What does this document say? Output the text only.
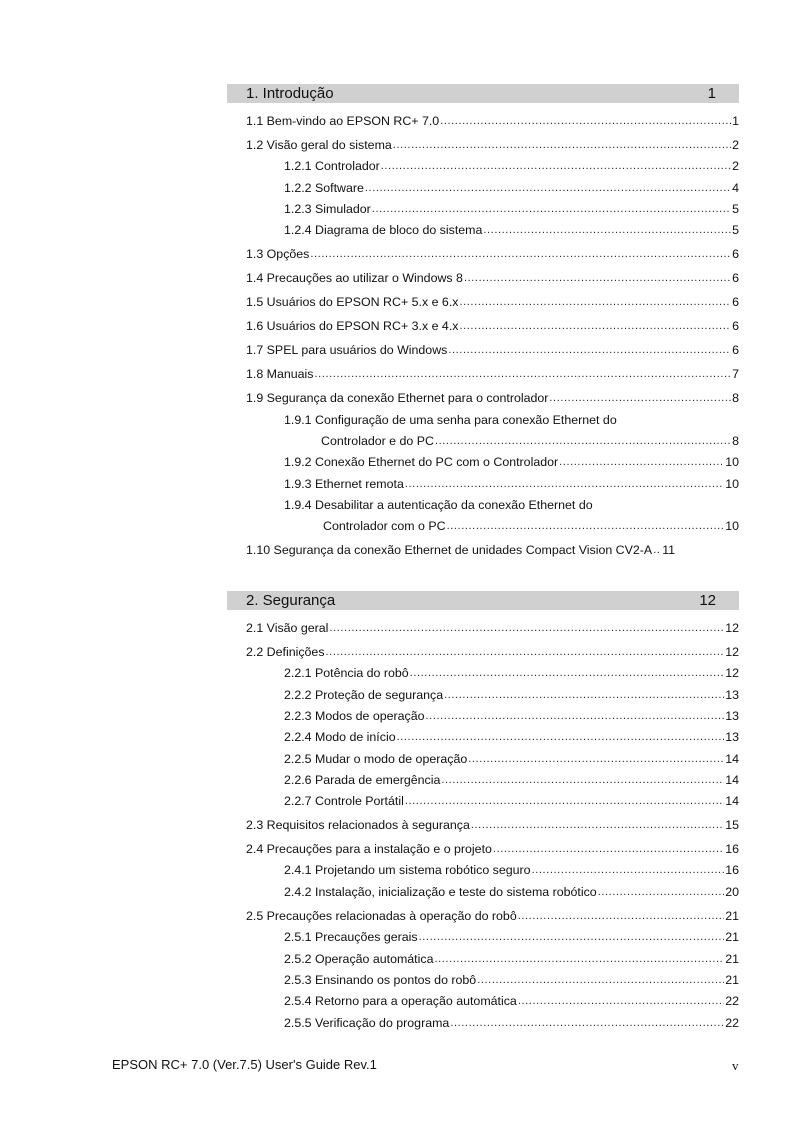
1. Introdução	1
1.1 Bem-vindo ao EPSON RC+ 7.0 .....	1
1.2 Visão geral do sistema .....	2
1.2.1 Controlador .....	2
1.2.2 Software .....	4
1.2.3 Simulador .....	5
1.2.4 Diagrama de bloco do sistema .....	5
1.3 Opções .....	6
1.4 Precauções ao utilizar o Windows 8 .....	6
1.5 Usuários do EPSON RC+ 5.x e 6.x .....	6
1.6 Usuários do EPSON RC+ 3.x e 4.x .....	6
1.7 SPEL para usuários do Windows .....	6
1.8 Manuais .....	7
1.9 Segurança da conexão Ethernet para o controlador .....	8
1.9.1 Configuração de uma senha para conexão Ethernet do
Controlador e do PC .....	8
1.9.2 Conexão Ethernet do PC com o Controlador .....	10
1.9.3 Ethernet remota .....	10
1.9.4 Desabilitar a autenticação da conexão Ethernet do
Controlador com o PC .....	10
1.10 Segurança da conexão Ethernet de unidades Compact Vision CV2-A ..... 11
2. Segurança	12
2.1 Visão geral .....	12
2.2 Definições .....	12
2.2.1 Potência do robô .....	12
2.2.2 Proteção de segurança .....	13
2.2.3 Modos de operação .....	13
2.2.4 Modo de início .....	13
2.2.5 Mudar o modo de operação .....	14
2.2.6 Parada de emergência .....	14
2.2.7 Controle Portátil .....	14
2.3 Requisitos relacionados à segurança .....	15
2.4 Precauções para a instalação e o projeto .....	16
2.4.1 Projetando um sistema robótico seguro .....	16
2.4.2 Instalação, inicialização e teste do sistema robótico .....	20
2.5 Precauções relacionadas à operação do robô .....	21
2.5.1 Precauções gerais .....	21
2.5.2 Operação automática .....	21
2.5.3 Ensinando os pontos do robô .....	21
2.5.4 Retorno para a operação automática .....	22
2.5.5 Verificação do programa .....	22
EPSON RC+ 7.0 (Ver.7.5) User's Guide Rev.1	v
